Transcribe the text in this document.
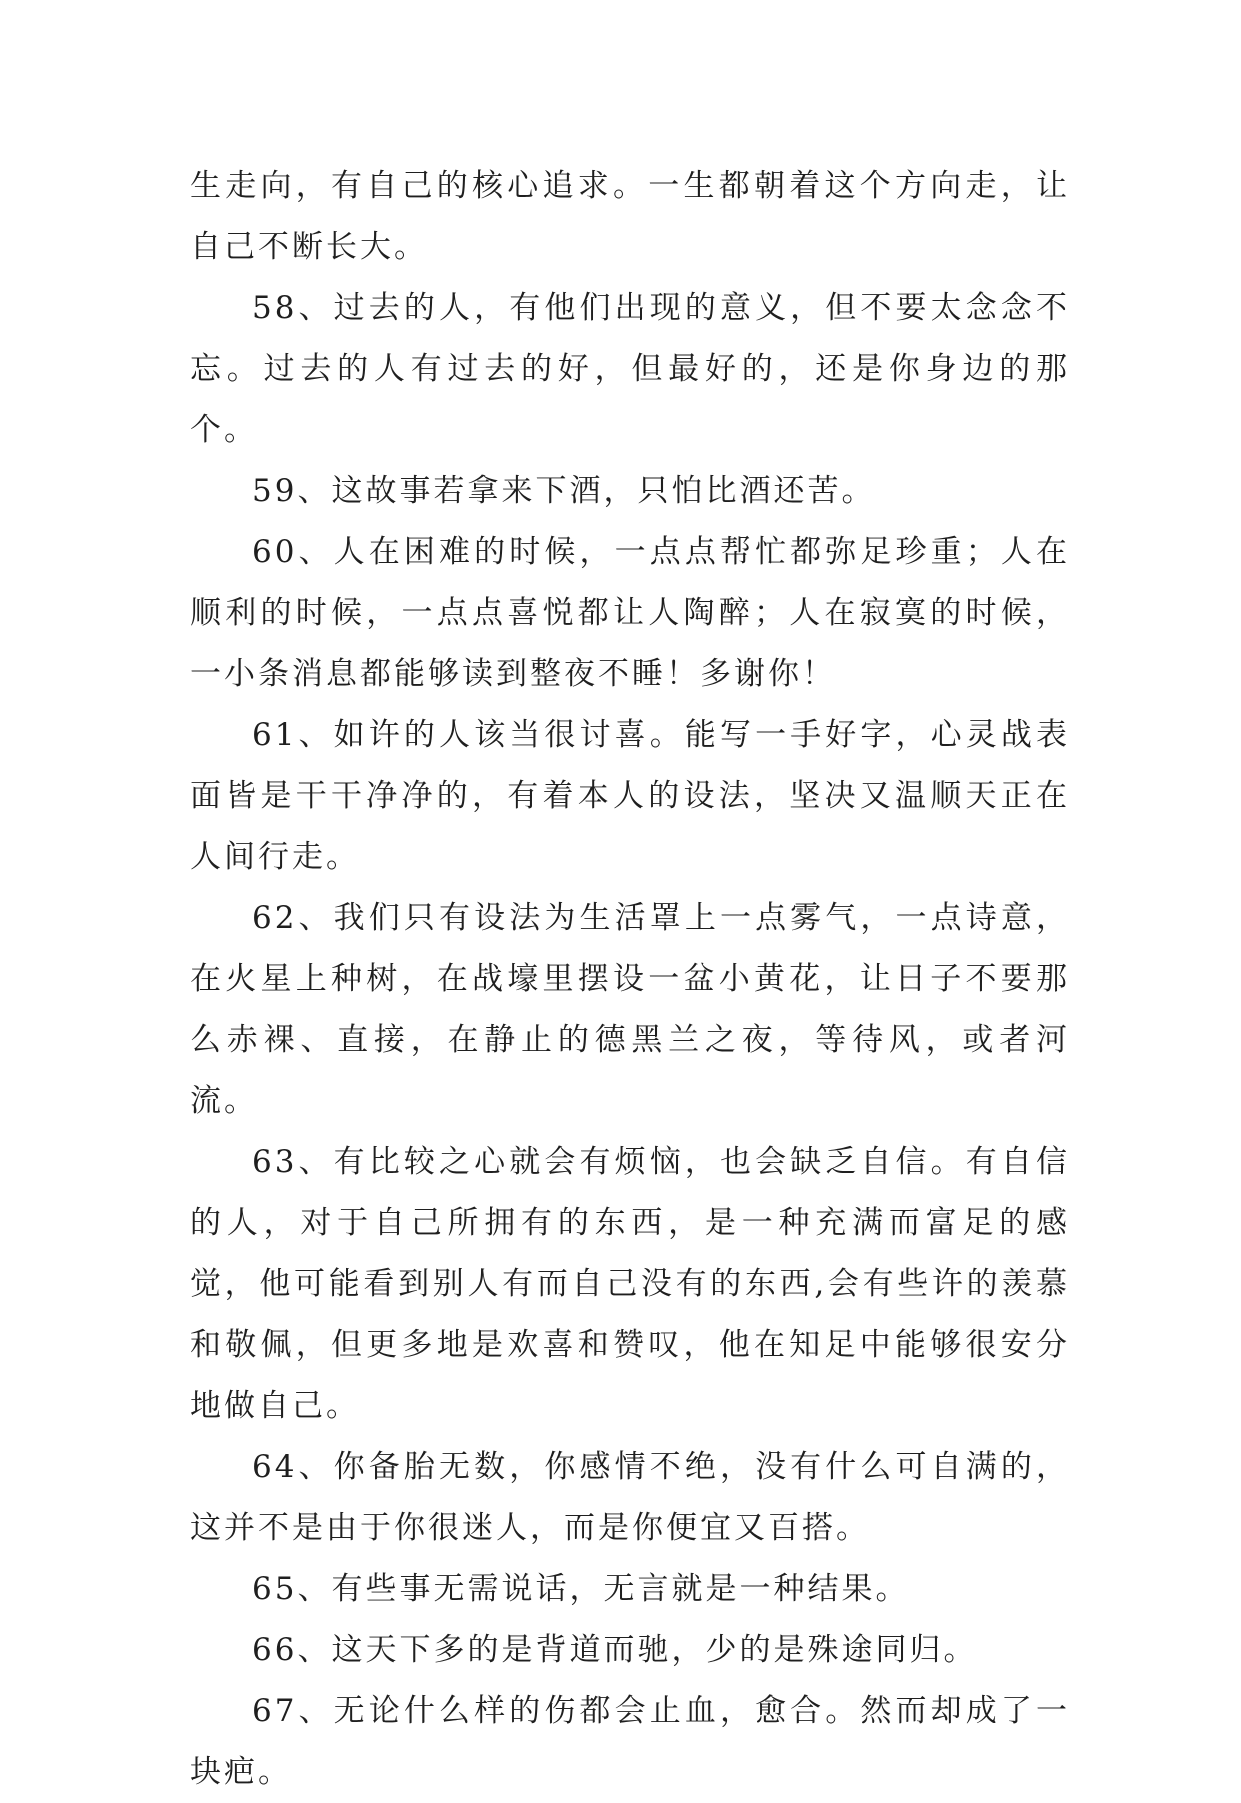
生走向，有自己的核心追求。一生都朝着这个方向走，让自己不断长大。

58、过去的人，有他们出现的意义，但不要太念念不忘。过去的人有过去的好，但最好的，还是你身边的那个。

59、这故事若拿来下酒，只怕比酒还苦。

60、人在困难的时候，一点点帮忙都弥足珍重；人在顺利的时候，一点点喜悦都让人陶醉；人在寂寞的时候，一小条消息都能够读到整夜不睡！多谢你！

61、如许的人该当很讨喜。能写一手好字，心灵战表面皆是干干净净的，有着本人的设法，坚决又温顺天正在人间行走。

62、我们只有设法为生活罩上一点雾气，一点诗意，在火星上种树，在战壕里摆设一盆小黄花，让日子不要那么赤裸、直接，在静止的德黑兰之夜，等待风，或者河流。

63、有比较之心就会有烦恼，也会缺乏自信。有自信的人，对于自己所拥有的东西，是一种充满而富足的感觉，他可能看到别人有而自己没有的东西,会有些许的羡慕和敬佩，但更多地是欢喜和赞叹，他在知足中能够很安分地做自己。

64、你备胎无数，你感情不绝，没有什么可自满的，这并不是由于你很迷人，而是你便宜又百搭。

65、有些事无需说话，无言就是一种结果。

66、这天下多的是背道而驰，少的是殊途同归。

67、无论什么样的伤都会止血，愈合。然而却成了一块疤。
